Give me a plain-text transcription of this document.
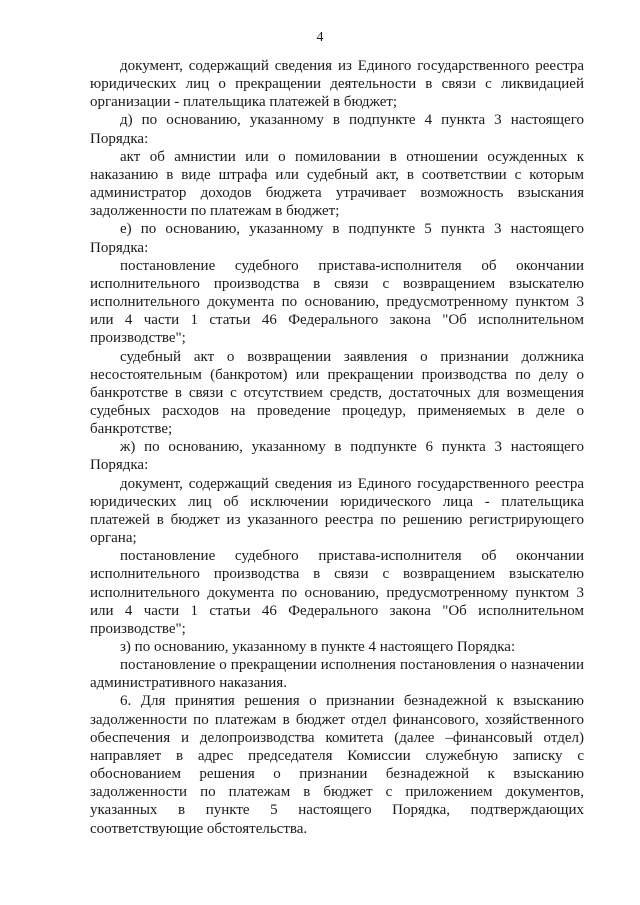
4

документ, содержащий сведения из Единого государственного реестра юридических лиц о прекращении деятельности в связи с ликвидацией организации - плательщика платежей в бюджет;

д) по основанию, указанному в подпункте 4 пункта 3 настоящего Порядка:

акт об амнистии или о помиловании в отношении осужденных к наказанию в виде штрафа или судебный акт, в соответствии с которым администратор доходов бюджета утрачивает возможность взыскания задолженности по платежам в бюджет;

е) по основанию, указанному в подпункте 5 пункта 3 настоящего Порядка:

постановление судебного пристава-исполнителя об окончании исполнительного производства в связи с возвращением взыскателю исполнительного документа по основанию, предусмотренному пунктом 3 или 4 части 1 статьи 46 Федерального закона "Об исполнительном производстве";

судебный акт о возвращении заявления о признании должника несостоятельным (банкротом) или прекращении производства по делу о банкротстве в связи с отсутствием средств, достаточных для возмещения судебных расходов на проведение процедур, применяемых в деле о банкротстве;

ж) по основанию, указанному в подпункте 6 пункта 3 настоящего Порядка:

документ, содержащий сведения из Единого государственного реестра юридических лиц об исключении юридического лица - плательщика платежей в бюджет из указанного реестра по решению регистрирующего органа;

постановление судебного пристава-исполнителя об окончании исполнительного производства в связи с возвращением взыскателю исполнительного документа по основанию, предусмотренному пунктом 3 или 4 части 1 статьи 46 Федерального закона "Об исполнительном производстве";

з) по основанию, указанному в пункте 4 настоящего Порядка:

постановление о прекращении исполнения постановления о назначении административного наказания.

6. Для принятия решения о признании безнадежной к взысканию задолженности по платежам в бюджет отдел финансового, хозяйственного обеспечения и делопроизводства комитета (далее –финансовый отдел) направляет в адрес председателя Комиссии служебную записку с обоснованием решения о признании безнадежной к взысканию задолженности по платежам в бюджет с приложением документов, указанных в пункте 5 настоящего Порядка, подтверждающих соответствующие обстоятельства.
